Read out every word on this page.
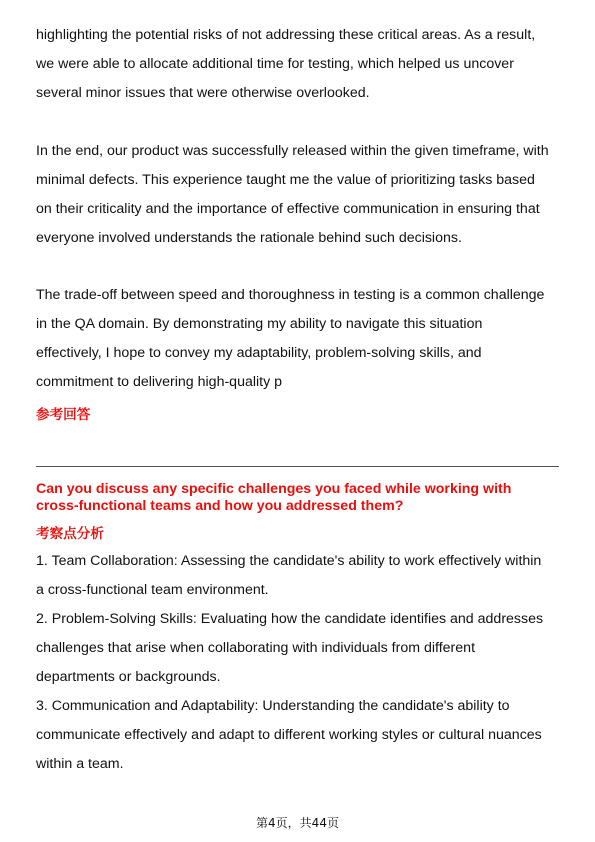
highlighting the potential risks of not addressing these critical areas. As a result,
we were able to allocate additional time for testing, which helped us uncover
several minor issues that were otherwise overlooked.
In the end, our product was successfully released within the given timeframe, with
minimal defects. This experience taught me the value of prioritizing tasks based
on their criticality and the importance of effective communication in ensuring that
everyone involved understands the rationale behind such decisions.
The trade-off between speed and thoroughness in testing is a common challenge
in the QA domain. By demonstrating my ability to navigate this situation
effectively, I hope to convey my adaptability, problem-solving skills, and
commitment to delivering high-quality p
参考回答
Can you discuss any specific challenges you faced while working with
cross-functional teams and how you addressed them?
考察点分析
1. Team Collaboration: Assessing the candidate's ability to work effectively within
a cross-functional team environment.
2. Problem-Solving Skills: Evaluating how the candidate identifies and addresses
challenges that arise when collaborating with individuals from different
departments or backgrounds.
3. Communication and Adaptability: Understanding the candidate's ability to
communicate effectively and adapt to different working styles or cultural nuances
within a team.
第4页，共44页
